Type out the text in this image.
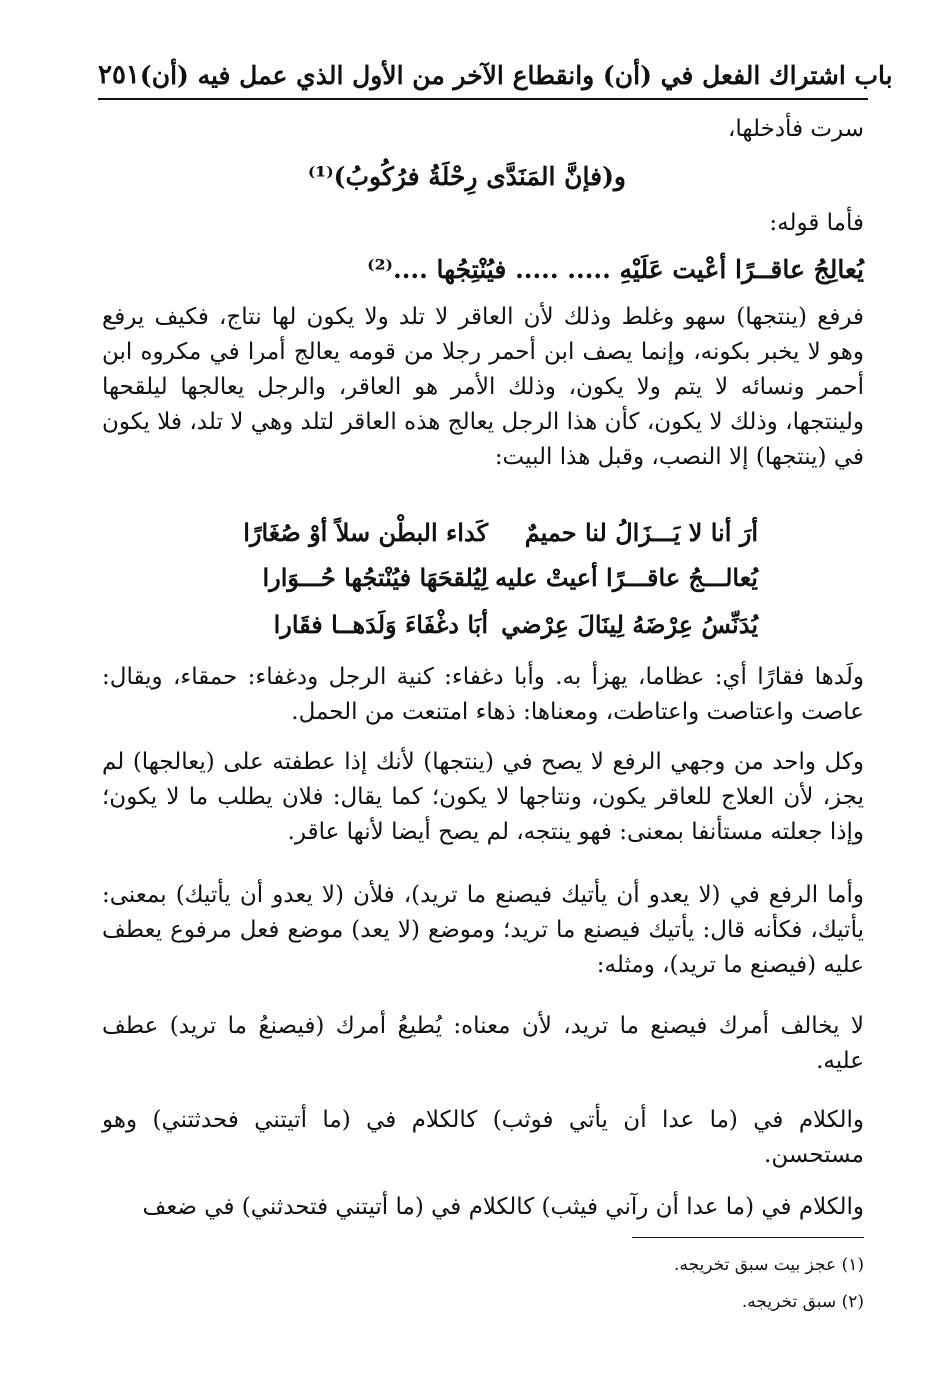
٢٥١ باب اشتراك الفعل في (أن) وانقطاع الآخر من الأول الذي عمل فيه (أن)
سرت فأدخلها،
و(فإنَّ المَنَدَّى رِحْلَةُ فرُكُوبُ)⁽¹⁾
فأما قوله:
يُعالِجُ عاقــرًا أعْيت عَلَيْهِ ..... ..... فيُنْتِجُها ....⁽²⁾
فرفع (ينتجها) سهو وغلط وذلك لأن العاقر لا تلد ولا يكون لها نتاج، فكيف يرفع وهو لا يخبر بكونه، وإنما يصف ابن أحمر رجلا من قومه يعالج أمرا في مكروه ابن أحمر ونسائه لا يتم ولا يكون، وذلك الأمر هو العاقر، والرجل يعالجها ليلقحها ولينتجها، وذلك لا يكون، كأن هذا الرجل يعالج هذه العاقر لتلد وهي لا تلد، فلا يكون في (ينتجها) إلا النصب، وقبل هذا البيت:
أرَ أنا لا يَـــزَالُ لنا حميمٌ
كَداء البطْن سلاً أوْ صُغَارًا
يُعالـــجُ عاقـــرًا أعيتْ عليه
لِيُلقحَهَا فيُنْتجُها حُـــوَارا
يُدَنِّسُ عِرْضَهُ لِينَالَ عِرْضي
أبَا دغْفَاءَ وَلَدَهــا فقَارا
ولَدها فقارًا أي: عظاما، يهزأ به. وأبا دغفاء: كنية الرجل ودغفاء: حمقاء، ويقال: عاصت واعتاصت واعتاطت، ومعناها: ذهاء امتنعت من الحمل.
وكل واحد من وجهي الرفع لا يصح في (ينتجها) لأنك إذا عطفته على (يعالجها) لم يجز، لأن العلاج للعاقر يكون، ونتاجها لا يكون؛ كما يقال: فلان يطلب ما لا يكون؛ وإذا جعلته مستأنفا بمعنى: فهو ينتجه، لم يصح أيضا لأنها عاقر.
وأما الرفع في (لا يعدو أن يأتيك فيصنع ما تريد)، فلأن (لا يعدو أن يأتيك) بمعنى: يأتيك، فكأنه قال: يأتيك فيصنع ما تريد؛ وموضع (لا يعد) موضع فعل مرفوع يعطف عليه (فيصنع ما تريد)، ومثله:
لا يخالف أمرك فيصنع ما تريد، لأن معناه: يُطيعُ أمرك (فيصنعُ ما تريد) عطف عليه.
والكلام في (ما عدا أن يأتي فوثب) كالكلام في (ما أتيتني فحدثتني) وهو مستحسن.
والكلام في (ما عدا أن رآني فيثب) كالكلام في (ما أتيتني فتحدثني) في ضعف
(١) عجز بيت سبق تخريجه.
(٢) سبق تخريجه.
